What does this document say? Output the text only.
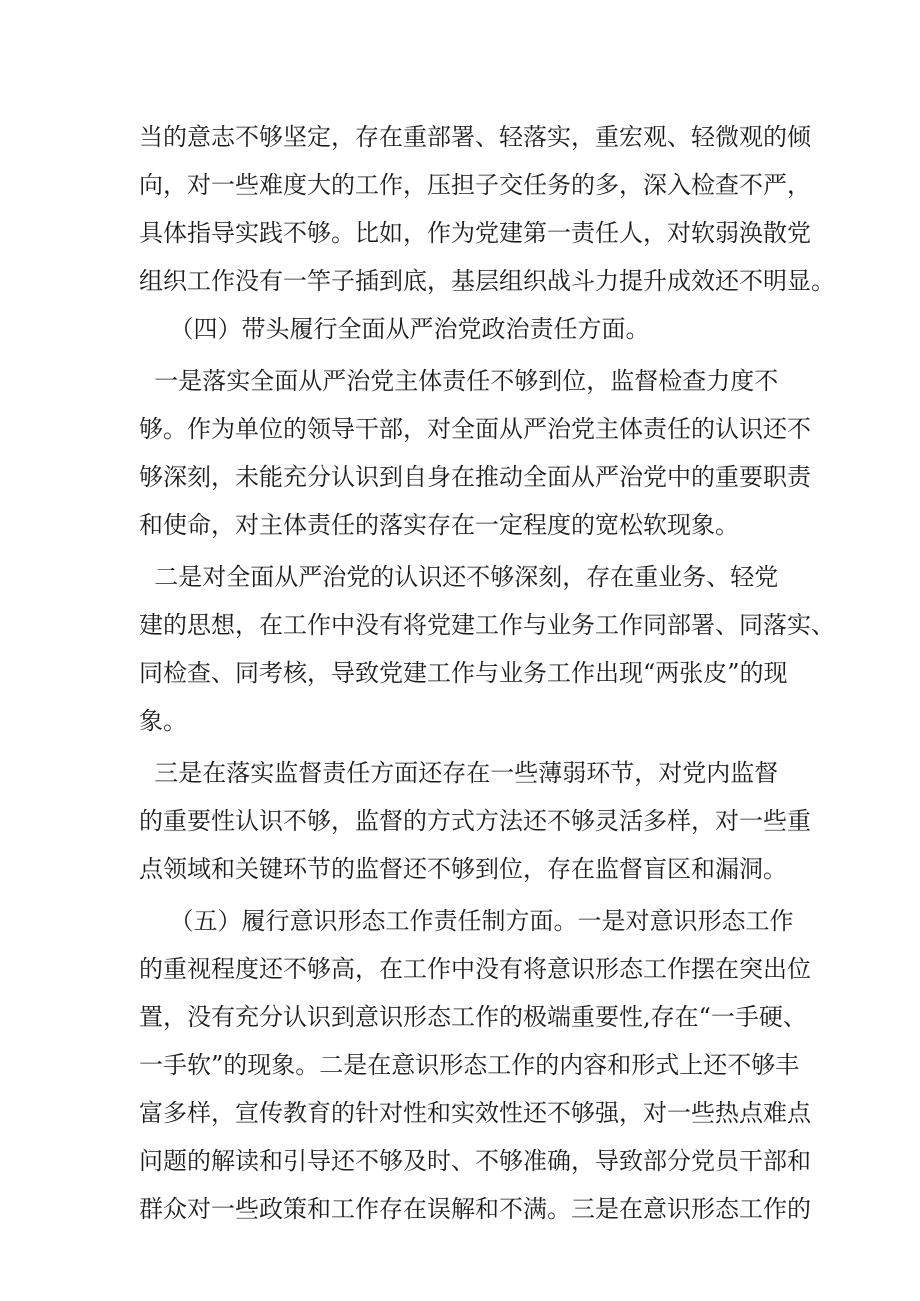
当的意志不够坚定，存在重部署、轻落实，重宏观、轻微观的倾
向，对一些难度大的工作，压担子交任务的多，深入检查不严，
具体指导实践不够。比如，作为党建第一责任人，对软弱涣散党
组织工作没有一竿子插到底，基层组织战斗力提升成效还不明显。
（四）带头履行全面从严治党政治责任方面。
一是落实全面从严治党主体责任不够到位，监督检查力度不
够。作为单位的领导干部，对全面从严治党主体责任的认识还不
够深刻，未能充分认识到自身在推动全面从严治党中的重要职责
和使命，对主体责任的落实存在一定程度的宽松软现象。
二是对全面从严治党的认识还不够深刻，存在重业务、轻党
建的思想，在工作中没有将党建工作与业务工作同部署、同落实、
同检查、同考核，导致党建工作与业务工作出现“两张皮”的现
象。
三是在落实监督责任方面还存在一些薄弱环节，对党内监督
的重要性认识不够，监督的方式方法还不够灵活多样，对一些重
点领域和关键环节的监督还不够到位，存在监督盲区和漏洞。
（五）履行意识形态工作责任制方面。一是对意识形态工作
的重视程度还不够高，在工作中没有将意识形态工作摆在突出位
置，没有充分认识到意识形态工作的极端重要性,存在“一手硬、
一手软”的现象。二是在意识形态工作的内容和形式上还不够丰
富多样，宣传教育的针对性和实效性还不够强，对一些热点难点
问题的解读和引导还不够及时、不够准确，导致部分党员干部和
群众对一些政策和工作存在误解和不满。三是在意识形态工作的
